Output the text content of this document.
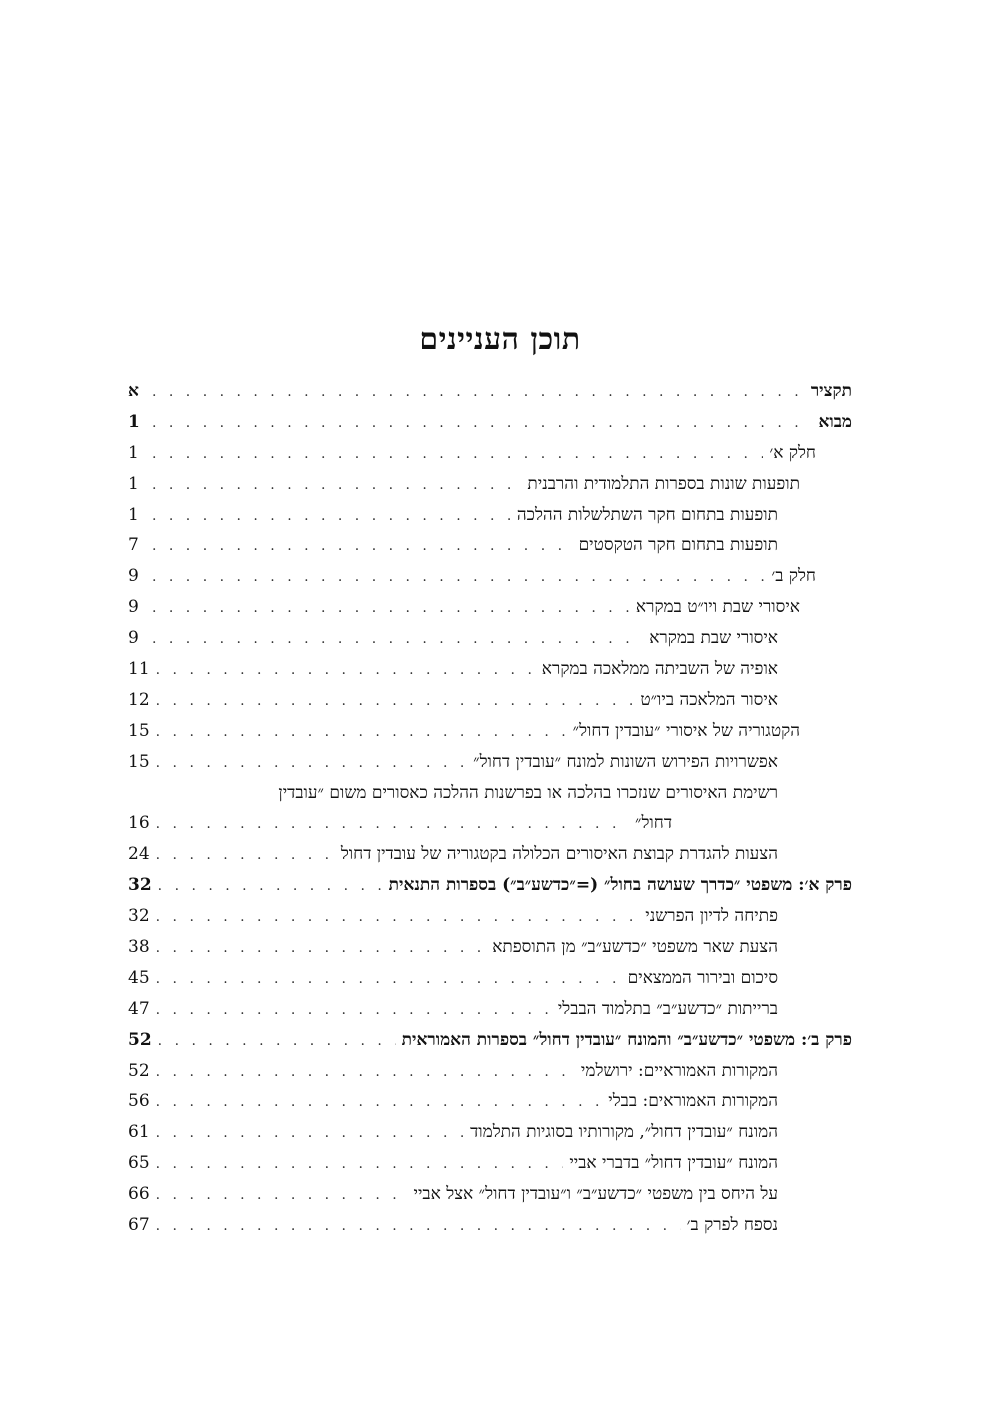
תוכן העניינים
תקציר
. . .
א
מבוא
. . .
1
חלק א׳
. . .
1
תופעות שונות בספרות התלמודית והרבנית
. . .
1
תופעות בתחום חקר השתלשלות ההלכה
. . .
1
תופעות בתחום חקר הטקסטים
. . .
7
חלק ב׳
. . .
9
איסורי שבת ויו״ט במקרא
. . .
9
איסורי שבת במקרא
. . .
9
אופיה של השביתה ממלאכה במקרא
. . .
11
איסור המלאכה ביו״ט
. . .
12
הקטגוריה של איסורי ״עובדין דחול״
. . .
15
אפשרויות הפירוש השונות למונח ״עובדין דחול״
. . .
15
רשימת האיסורים שנזכרו בהלכה או בפרשנות ההלכה כאסורים משום ״עובדין
דחול״
. . .
16
הצעות להגדרת קבוצת האיסורים הכלולה בקטגוריה של עובדין דחול
. . .
24
פרק א׳: משפטי ״כדרך שעושה בחול״ (=״כדשע״ב״) בספרות התנאית
. . .
32
פתיחה לדיון הפרשני
. . .
32
הצעת שאר משפטי ״כדשע״ב״ מן התוספתא
. . .
38
סיכום ובירור הממצאים
. . .
45
ברייתות ״כדשע״ב״ בתלמוד הבבלי
. . .
47
פרק ב׳: משפטי ״כדשע״ב״ והמונח ״עובדין דחול״ בספרות האמוראית
. . .
52
המקורות האמוראיים: ירושלמי
. . .
52
המקורות האמוראים: בבלי
. . .
56
המונח ״עובדין דחול״, מקורותיו בסוגיות התלמוד
. . .
61
המונח ״עובדין דחול״ בדברי אביי
. . .
65
על היחס בין משפטי ״כדשע״ב״ ו״עובדין דחול״ אצל אביי
. . .
66
נספח לפרק ב׳
. . .
67
